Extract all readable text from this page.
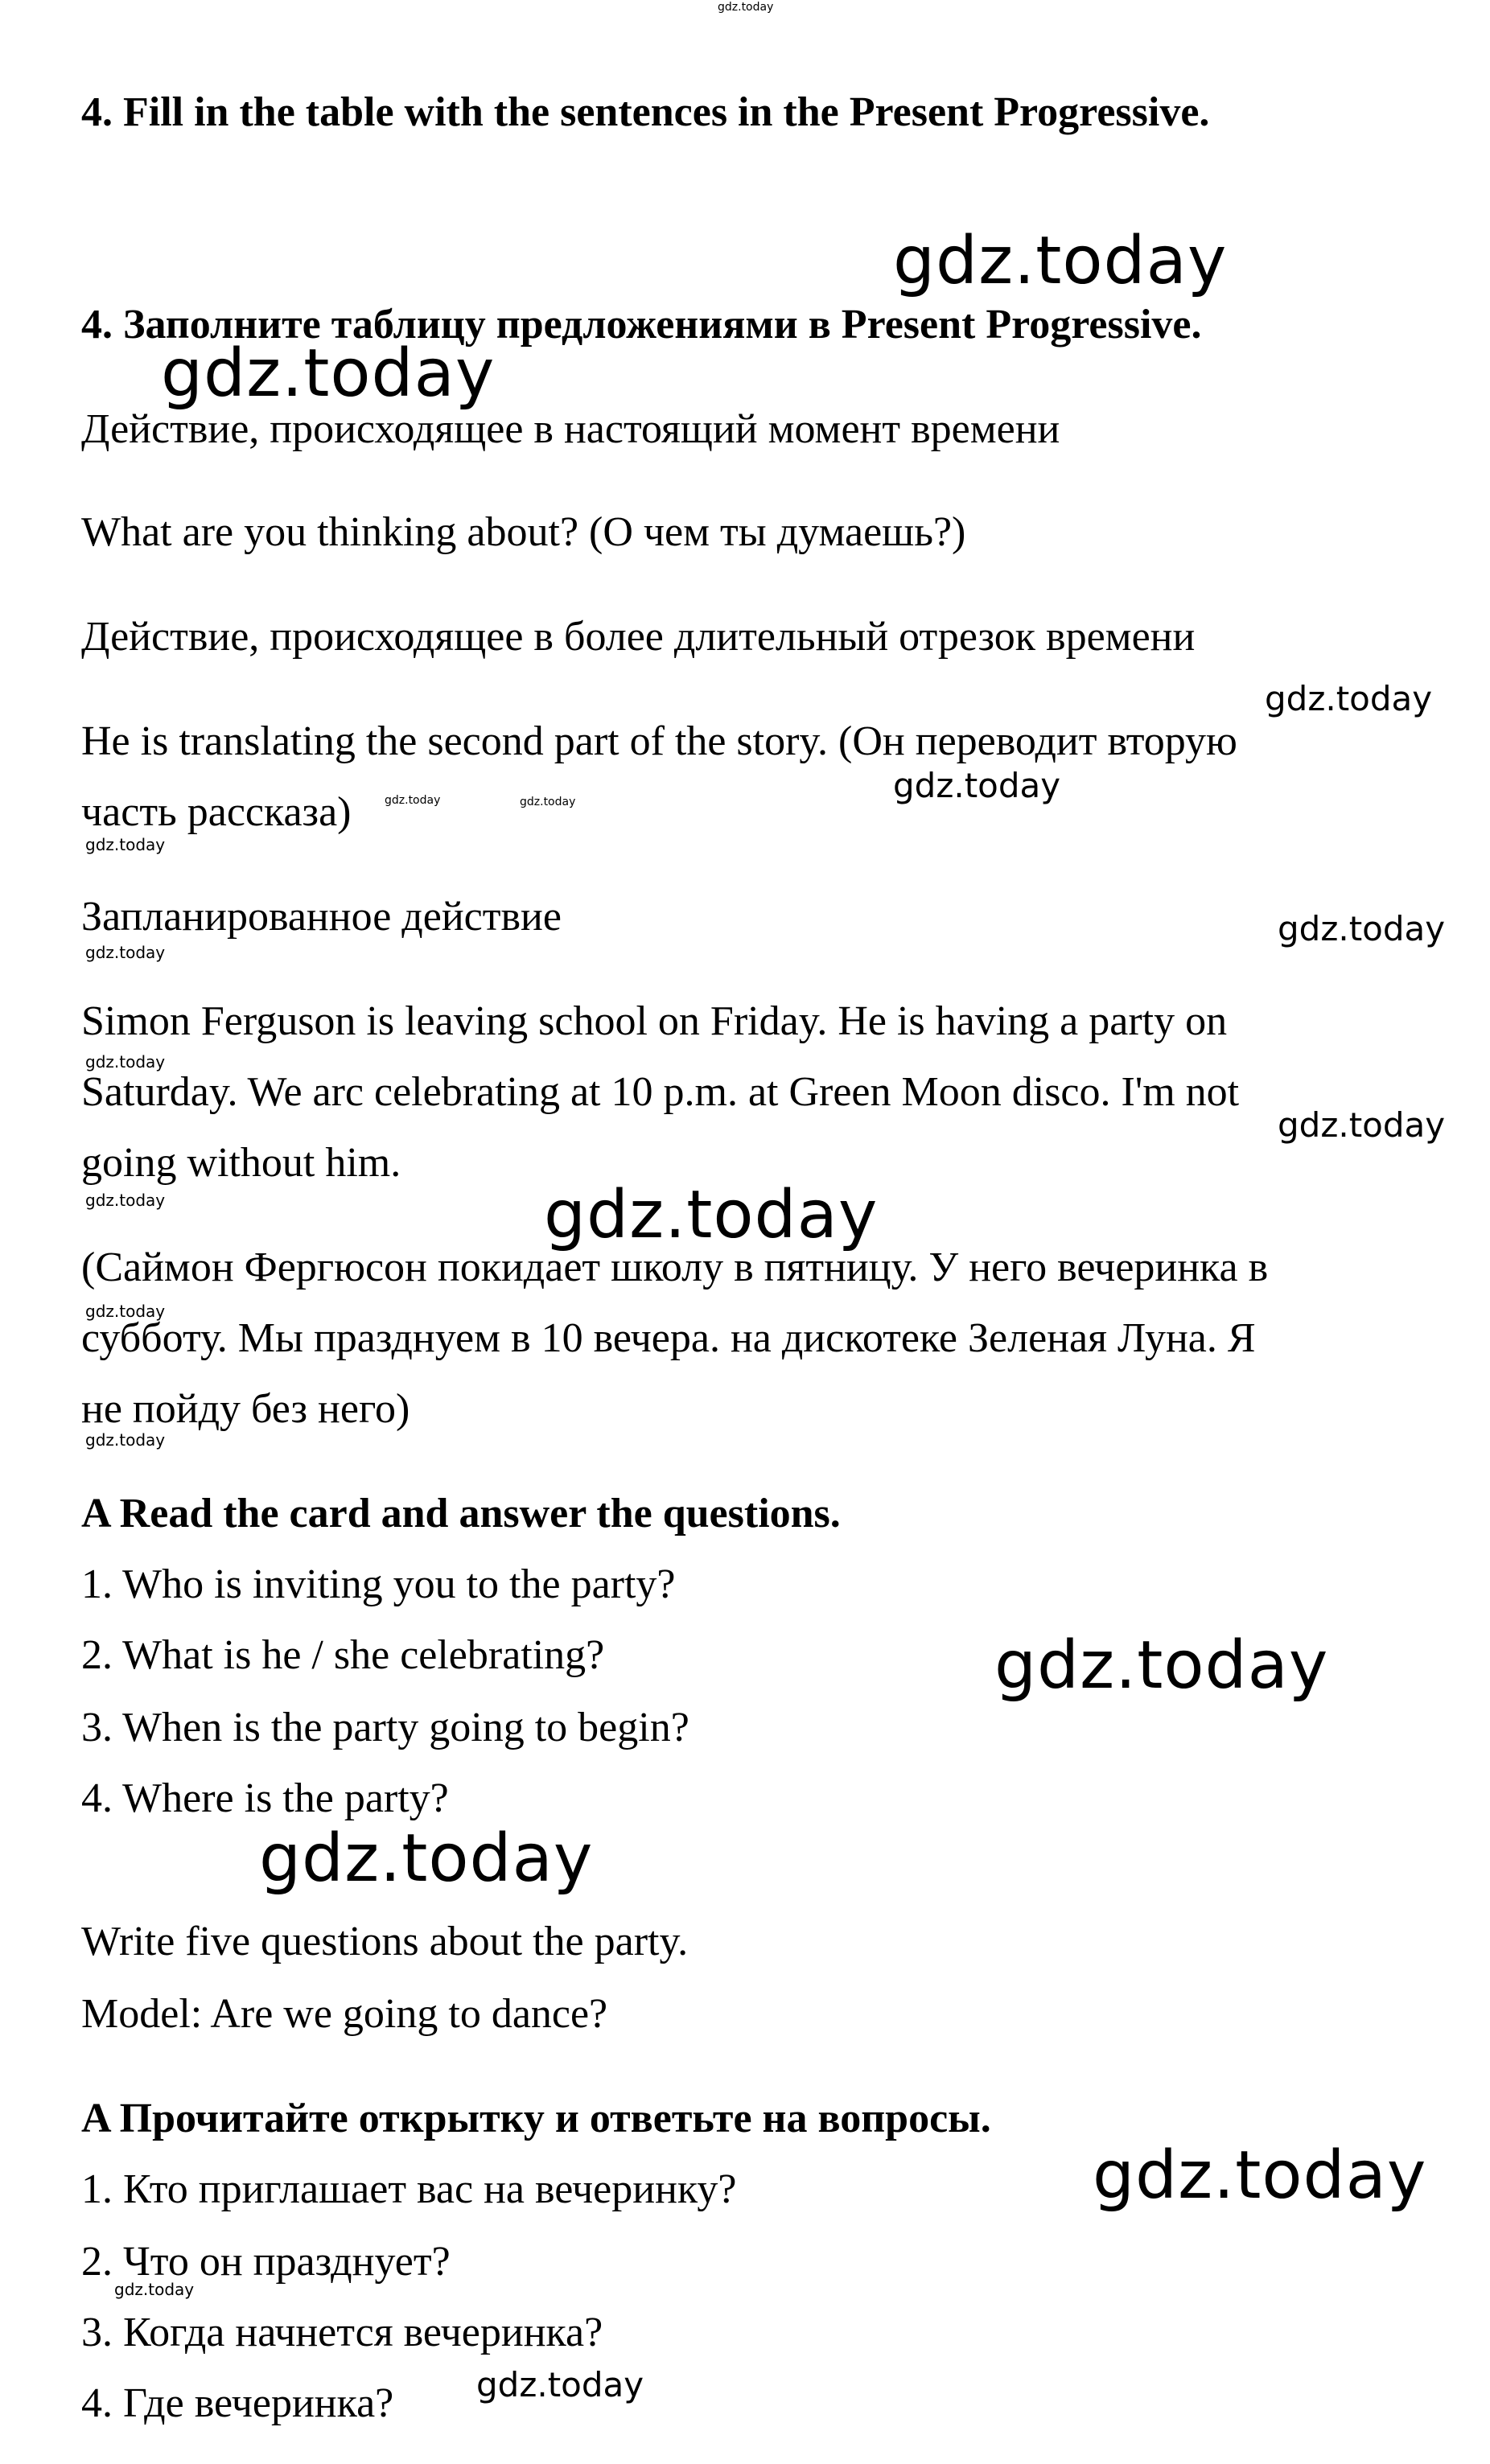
4. Fill in the table with the sentences in the Present Progressive.
4. Заполните таблицу предложениями в Present Progressive.
Действие, происходящее в настоящий момент времени
What are you thinking about? (О чем ты думаешь?)
Действие, происходящее в более длительный отрезок времени
He is translating the second part of the story. (Он переводит вторую
часть рассказа)
Запланированное действие
Simon Ferguson is leaving school on Friday. He is having a party on
Saturday. We arc celebrating at 10 p.m. at Green Moon disco. I'm not
going without him.
(Саймон Фергюсон покидает школу в пятницу. У него вечеринка в
субботу. Мы празднуем в 10 вечера. на дискотеке Зеленая Луна. Я
не пойду без него)
A Read the card and answer the questions.
1. Who is inviting you to the party?
2. What is he / she celebrating?
3. When is the party going to begin?
4. Where is the party?
Write five questions about the party.
Model: Are we going to dance?
A Прочитайте открытку и ответьте на вопросы.
1. Кто приглашает вас на вечеринку?
2. Что он празднует?
3. Когда начнется вечеринка?
4. Где вечеринка?
gdz.today
gdz.today
gdz.today
gdz.today
gdz.today
gdz.today	gdz.today
gdz.today
gdz.today
gdz.today
gdz.today
gdz.today
gdz.today	gdz.today
gdz.today
gdz.today
gdz.today
gdz.today
gdz.today
gdz.today
gdz.today
